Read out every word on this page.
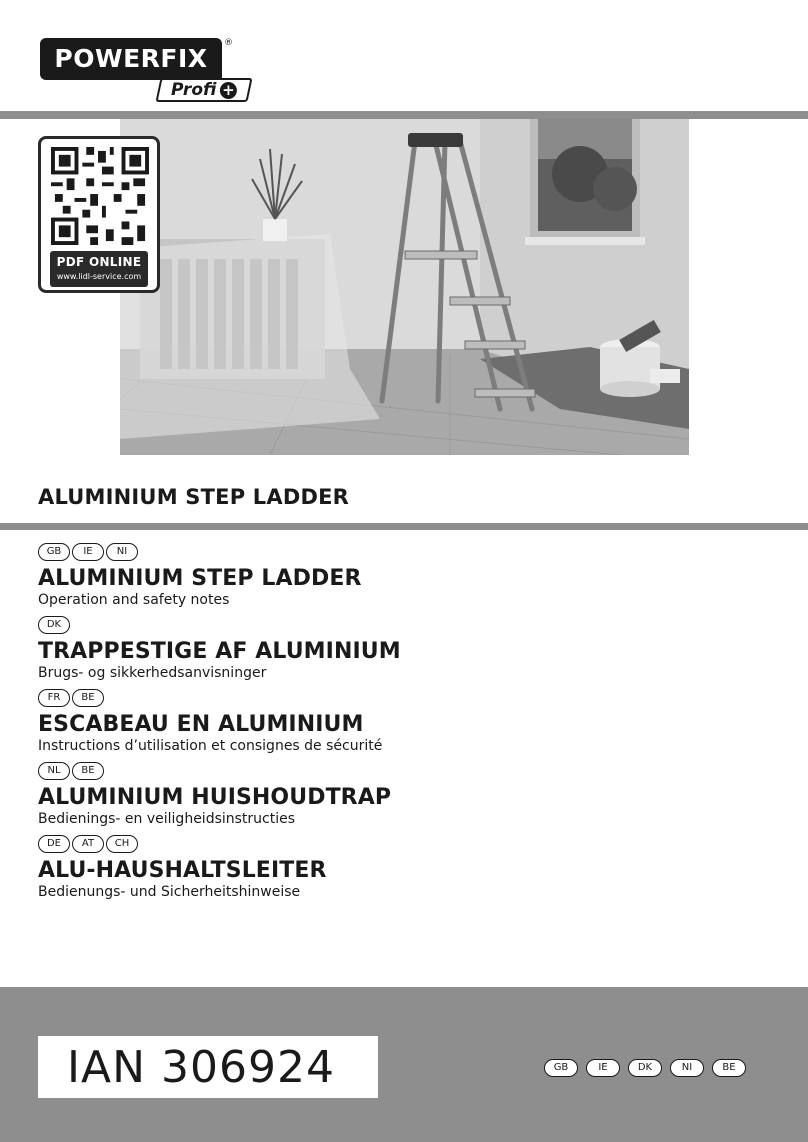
POWERFIX
®
Profi +
PDF ONLINE
www.lidl-service.com
ALUMINIUM STEP LADDER
GB	IE	NI
ALUMINIUM STEP LADDER
Operation and safety notes
DK
TRAPPESTIGE AF ALUMINIUM
Brugs- og sikkerhedsanvisninger
FR	BE
ESCABEAU EN ALUMINIUM
Instructions d’utilisation et consignes de sécurité
NL	BE
ALUMINIUM HUISHOUDTRAP
Bedienings- en veiligheidsinstructies
DE	AT	CH
ALU-HAUSHALTSLEITER
Bedienungs- und Sicherheitshinweise
IAN 306924	GB	IE	DK	NI	BE
